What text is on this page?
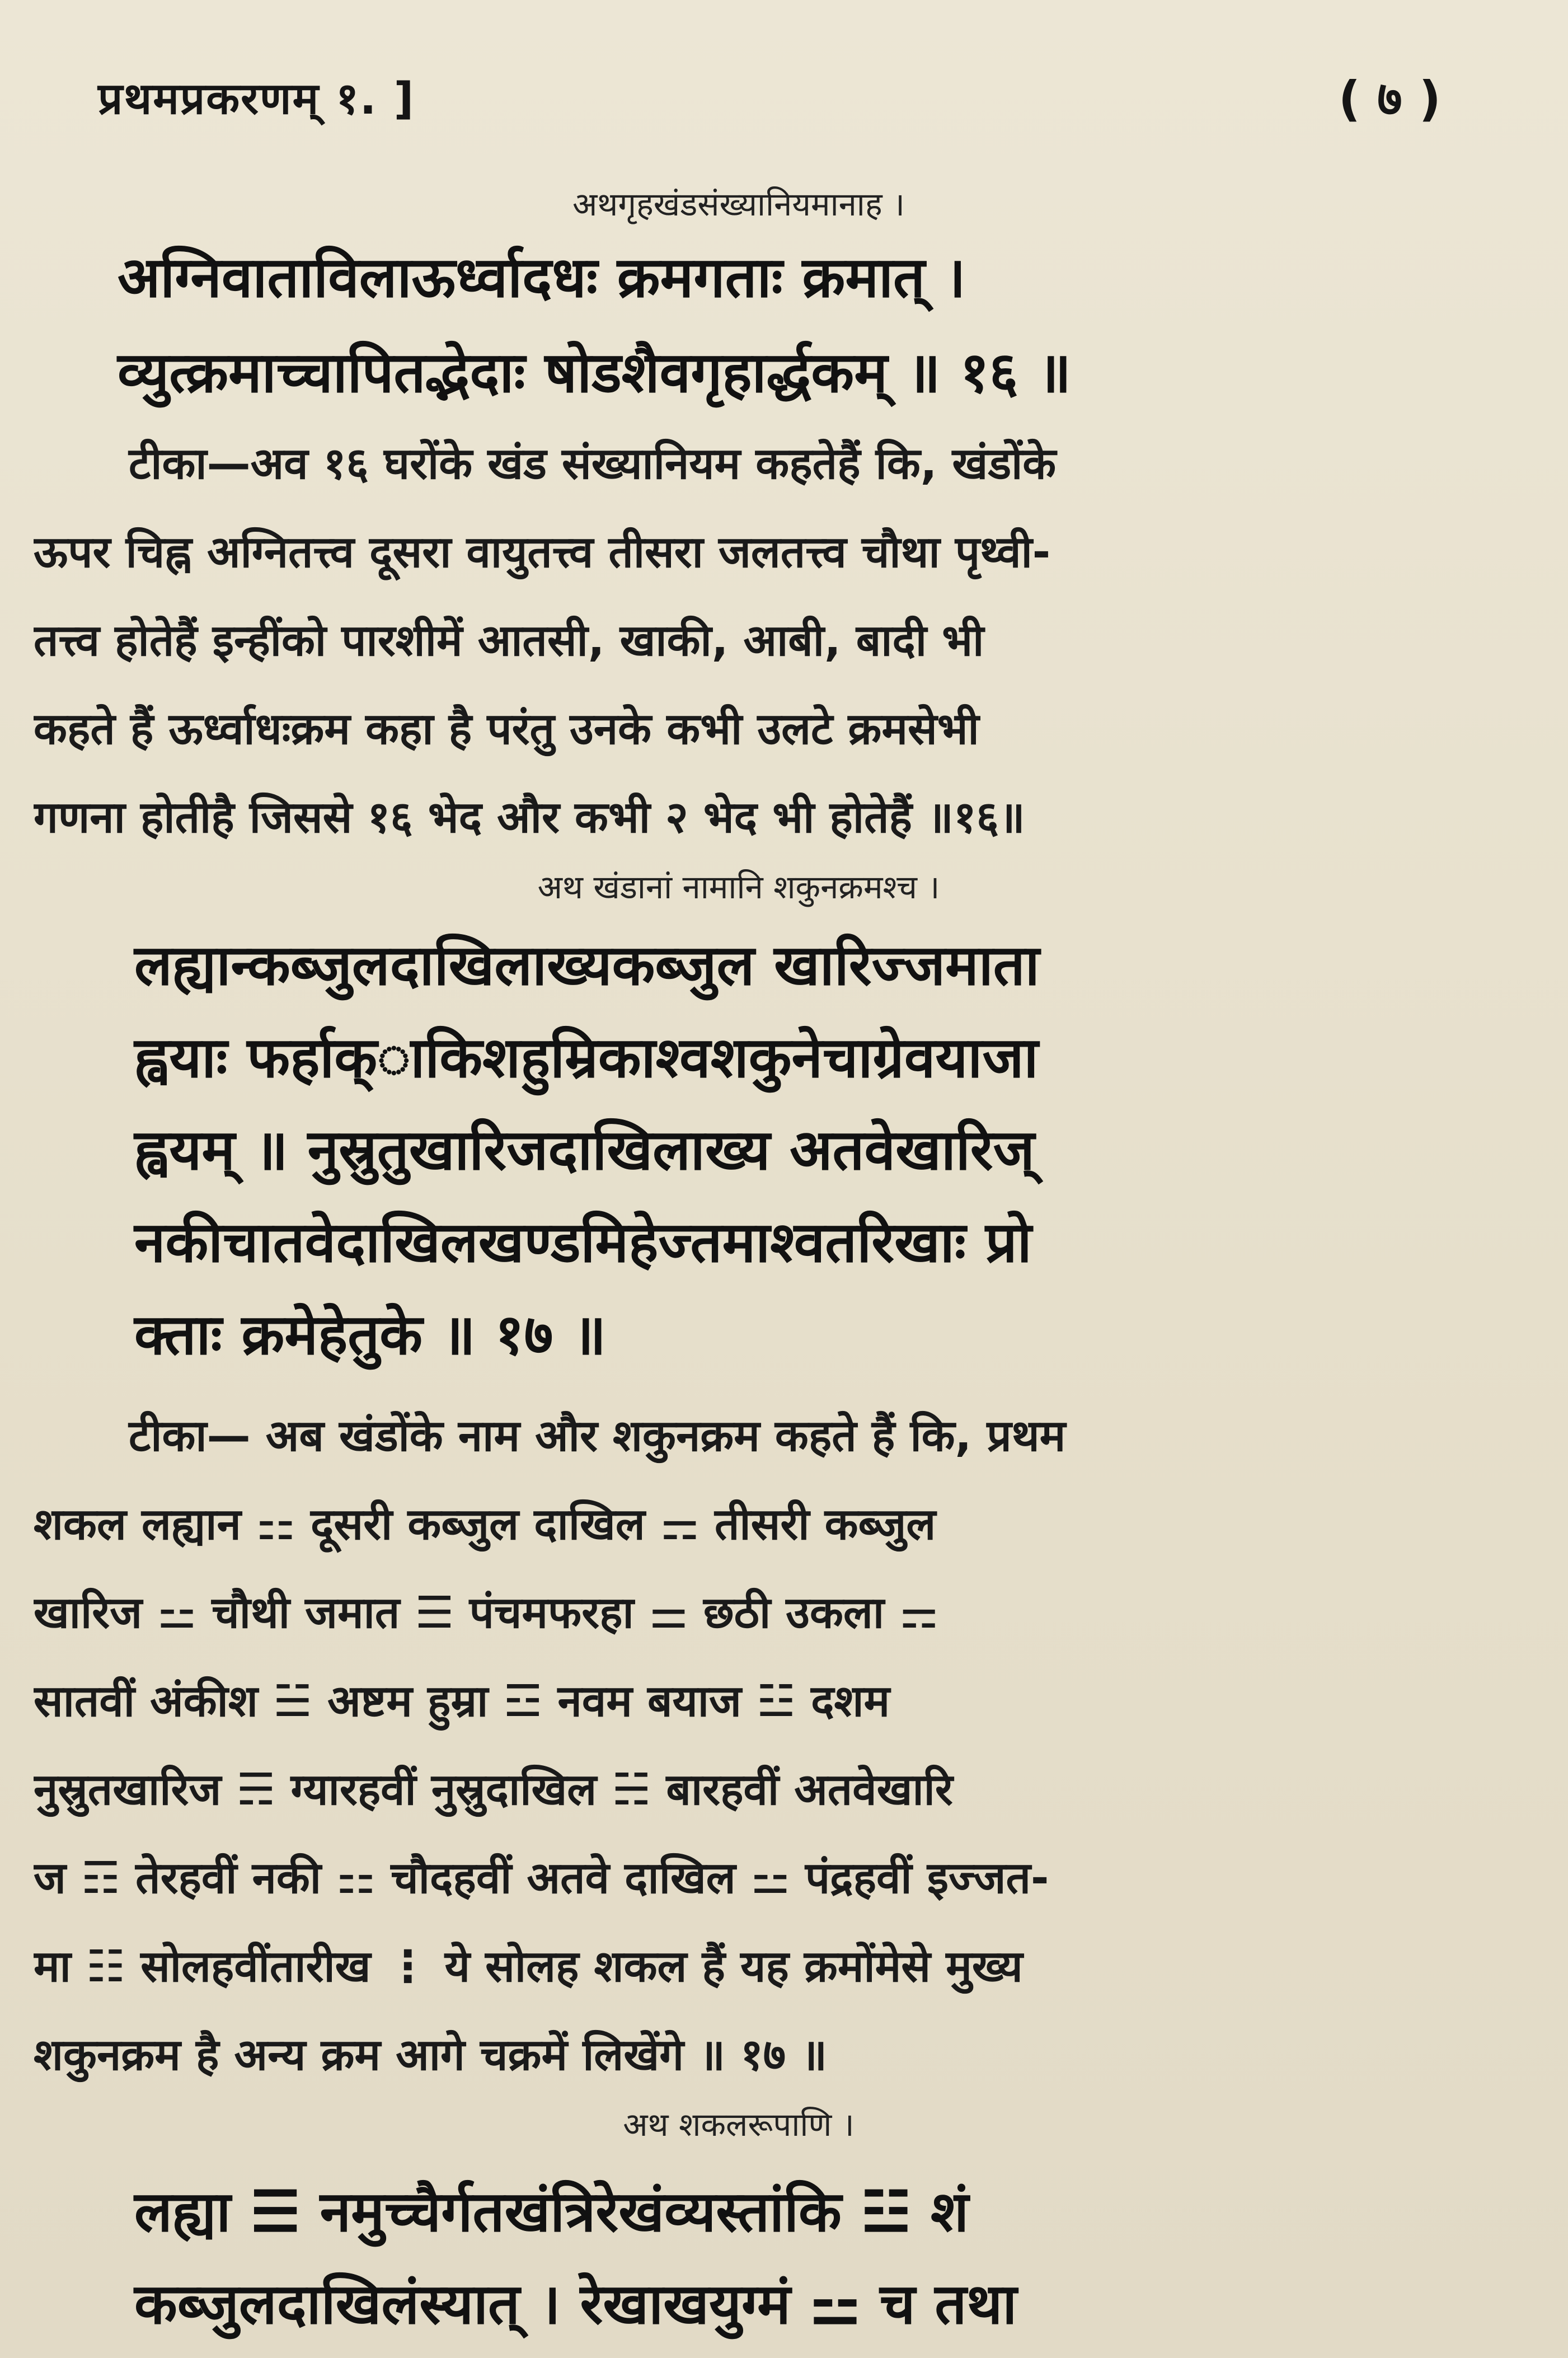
प्रथमप्रकरणम् १. ]	( ७ )

अथगृहखंडसंख्यानियमानाह ।

अग्निवाताविलाऊर्ध्वादधः क्रमगताः क्रमात् ।
व्युत्क्रमाच्चापितद्भेदाः षोडशैवगृहार्द्धकम् ॥ १६ ॥

टीका—अव १६ घरोंके खंड संख्यानियम कहतेहैं कि, खंडोंके
ऊपर चिह्न अग्नितत्त्व दूसरा वायुतत्त्व तीसरा जलतत्त्व चौथा पृथ्वी-
तत्त्व होतेहैं इन्हींको पारशीमें आतसी, खाकी, आबी, बादी भी
कहते हैं ऊर्ध्वाधःक्रम कहा है परंतु उनके कभी उलटे क्रमसेभी
गणना होतीहै जिससे १६ भेद और कभी २ भेद भी होतेहैं ॥१६॥

अथ खंडानां नामानि शकुनक्रमश्च ।

लह्यान्कब्जुलदाखिलाख्यकब्जुल खारिज्जमाता
ह्वयाः फर्हाक्ाकिशहुम्रिकाश्वशकुनेचाग्रेवयाजा
ह्वयम् ॥ नुस्रुतुखारिजदाखिलाख्य अतवेखारिज्
नकीचातवेदाखिलखण्डमिहेज्तमाश्वतरिखाः प्रो
क्ताः क्रमेहेतुके ॥ १७ ॥

टीका— अब खंडोंके नाम और शकुनक्रम कहते हैं कि, प्रथम
शकल लह्यान ⚏ दूसरी कब्जुल दाखिल ⚎ तीसरी कब्जुल
खारिज ⚍ चौथी जमात ☰ पंचमफरहा ⚌ छठी उकला ⚎
सातवीं अंकीश ☱ अष्टम हुम्रा ☲ नवम बयाज ☳ दशम
नुस्रुतखारिज ☴ ग्यारहवीं नुस्रुदाखिल ☵ बारहवीं अतवेखारि
ज ☶ तेरहवीं नकी ⚏ चौदहवीं अतवे दाखिल ⚍ पंद्रहवीं इज्जत-
मा ☷ सोलहवींतारीख ⋮ ये सोलह शकल हैं यह क्रमोंमेसे मुख्य
शकुनक्रम है अन्य क्रम आगे चक्रमें लिखेंगे ॥ १७ ॥

अथ शकलरूपाणि ।

लह्या ☰ नमुच्चैर्गतखंत्रिरेखंव्यस्तांकि ☳ शं
कब्जुलदाखिलंस्यात् । रेखाखयुग्मं ⚍ च तथा
